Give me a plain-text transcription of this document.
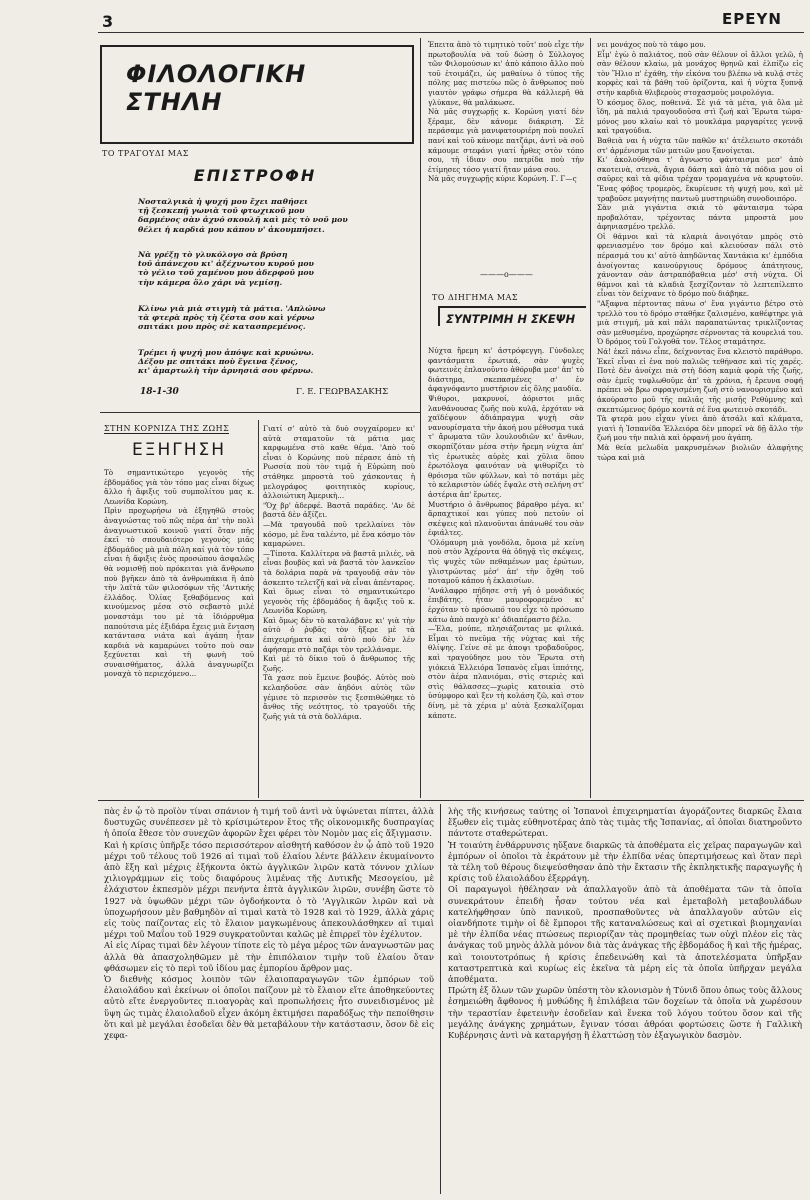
3	ΕΡΕΥΝ
ΦΙΛΟΛΟΓΙΚΗ ΣΤΗΛΗ
ΤΟ ΤΡΑΓΟΥΔΙ ΜΑΣ
ΕΠΙΣΤΡΟΦΗ
Νοσταλγικὰ ἡ ψυχή μου ἔχει παθήσει
τῇ ξεσκεπῇ γωνιὰ τοῦ φτωχικοῦ μου
δαρμένος σὰν ἀχνό σκουλῆ καὶ μὲς τὸ νοῦ μου
θέλει ἡ καρδιά μου κάπου ν' ἀκουμπήσει.
Νὰ γρέξῃ τὸ γλυκόλογο σὰ βρύση
tοῦ ἀπάνεχου κι' ἀξέχνωτου κυροῦ μου
τὸ γέλιο τοῦ χαμένου μου ἀδερφοῦ μου
τὴν κάμερα ὅλο χάρι νὰ γεμίσῃ.
Κλίνω γιὰ μιὰ στιγμὴ τὰ μάτια. 'Απλώνω
τὰ φτερὰ πρὸς τὴ ζέστα σου καὶ γέρνω
σπιτάκι μου πρὸς σὲ κατασπρεμένος.
Τρέμει ἡ ψυχή μου ἀπόψε καὶ κρυώνω.
Δέξου με σπιτάκι ποὺ ἔγεινα ξένος,
κι' ἁμαρτωλὴ τὴν ἀρνησιά σου φέρνω.
18-1-30	Γ. Ε. ΓΕΩΡΒΑΣΑΚΗΣ
Ἐπειτα ἀπὸ τὸ τιμητικὸ τοῦτ' ποὺ εἶχε τὴν πρωτοβουλία νὰ τοῦ δώσῃ ὁ Σύλλογος τῶν Φιλομούσων κι' ἀπὸ κάποιο ἄλλο ποὺ τοῦ ἑτοιμάζει, ὡς μαθαίνω ὁ τύπος τῆς πόλης μας πιστεύω πῶς ὁ ἄνθρωπος ποὺ γιαυτὸν γράφω σήμερα θὰ κάλλιερῆ θὰ γλύκανε, θὰ μαλάκωσε.
Νὰ μᾶς συγχωρῇς κ. Κορώνη γιατί δὲν ξέραμε, δὲν κάνομε διάκριση. Σὲ περάσαμε γιὰ μανιφατουριέρη ποὺ πουλεῖ πανί καὶ τοῦ κάνομε πατζάρι, ἀντὶ νὰ σοῦ κάμουμε στεφάνι γιατί ἦρθες στὸν τόπο σου, τὴ ἰδιαν σου πατρίδα ποὺ τὴν ἐτίμησες τόσο γιατί ἤταν μάνα σου.
Νὰ μᾶς συγχωρῇς κύριε Κορώνη. Γ. Γ—ς
———o———
ΤΟ ΔΙΗΓΗΜΑ ΜΑΣ
ΣΥΝΤΡΙΜΗ Η ΣΚΕΨΗ
Νύχτα ἤρεμη κι' ἀστρόφεγγη. Γύνδολες φαντάσματα ἐρωτικά, σὰν ψυχὲς φωτεινὲς ἐπλανοῦντο ἀθόρυβα μεσ' ἀπ' τὸ διάστημα, σκεπασμένες σ' ἐν ἀφαγνόφαντο μυστήριον εἰς ὅλης μαυδία.
Ψιθυροι, μακρυνοί, ἀόριστοι μιᾶς λανθάνουσας ζωῆς ποὺ κυλᾷ, ἐρχόταν νὰ χαϊδέψουν ἀδιάπραγμα ψυχὴ σὰν νανουρίσματα τὴν ἀκοή μου μέθυσμα τικά τ' ἄρωματα τῶν λουλουδιῶν κι' ἄνθων, σκορπίζόταν μέσα στὴν ἤρεμη νύχτα ἀπ' τὶς ἐρωτικὲς αὐρὲς καὶ χῦλια ὅπου ἐρωτόλογα φαινόταν νὰ ψιθυρίζει τὸ θρόισμα τῶν φύλλων, καὶ τὸ ποτάμι μὲς τὸ κελαριστὸν ὠδές ἔψαλε στὴ σελήνη στ' ἀστέρια ἀπ' ἔρωτες.
Μυστήριο ὁ ἄνθρωπος βάραθρο μέγα. κι' ἄρπαχτικοί και γύπες ποὺ πετοῦν οἱ σκέψεις καὶ πλανοῦνται ἀπάνωθέ του σὰν ἐφιάλτες.
'Ολόμαυρη μιὰ γονδόλα, ὅμοια μὲ κείνη ποὺ στὸν Ἀχέροντα θὰ ὁδηγᾷ τὶς σκέψεις, τὶς ψυχὲς τῶν πεθαμένων μας ἐρώτων, γλιστρώντας μέσ' ἀπ' τὴν ὄχθη τοῦ ποταμοῦ κάπου ἡ ἐκλαισίων.
'Ανάλαφρο πήδησε στὴ γῆ ὁ μονάδικός ἐπιβάτης. ἦταν μαυροφορεμένο κι' ἐρχόταν τὸ πρόσωπό του εἶχε τὸ πρόσωπο κάτω ἀπὸ πανχὸ κι' ἀδιαπέραστο βέλο.
—Ἐλα, μούπε, πλησιάζοντας με φιλικά. Εἶμαι τὸ πνεῦμα τῆς νύχτας καὶ τῆς θλίψης. Γείνε σὲ με ἀποψι τροβαδοῦρος, καὶ τραγούδησε μου τὸν Ἔρωτα στὴ γιόκειά Ἑλλειόρα Ἰσπανὸς εἴμαι ἱππότης, στὸν ἀέρα πλανιόμαι, στὶς στεριὲς καὶ στὶς θάλασσες—χωρὶς κατοικία στὸ ὑσύμφορο καὶ ξεν τὴ κολάση ζῶ, καὶ στον δίνη, μὲ τὰ χέρια μ' αὐτὰ ξεσκαλίζομαι κάποτε.
νει μονάχος ποὺ τὸ τάφο μου.
Εἶμ' ἐγὼ ὁ παλιάτος, ποῦ σὰν θέλουν οἱ ἄλλοι γελῶ, ἡ σὰν θέλουν κλαίω, μὰ μονάχος θρηνῶ καὶ ἐλπίζω εἰς τὸν Ἥλιο π' ἐχάθη, τὴν εἰκόνα του βλέπω νὰ κυλᾷ στὲς κορφὲς καὶ τὰ βάθη τοῦ ὀρίζοντα, καὶ ἡ νύχτα ξυπνᾷ στὴν καρδιὰ θλιβεροὺς στοχασμοὺς μοιρολόγια.
Ὁ κόσμος ὅλος, ποθεινά. Σὲ γιά τὰ μέτα, γιὰ ὅλα μὲ ἴδη, μὰ παλιά τραγουδοῦσα στὶ ζωή καὶ Ἔρωτα τώρα· μόνος μου κλαίω καὶ τὸ μουκλάμα μαργαρίτες γεννᾷ καὶ τραγούδια.
Βαθειὰ ναι ἡ νύχτα τῶν παθῶν κι' ἀτέλειωτο σκοτάδι στ' ἀρμένισμα τῶν ματιῶν μου ξανοίγεται.
Κι' ἀκολούθησα τ' ἄγνωστο φάνταισμα μεσ' ἀπὸ σκοτεινὰ, στενὰ, ἄγρια δάση καὶ ἀπὸ τὰ πόδια μου οἱ σαῦρες καὶ τὰ φίδια τρέχαν τρομαγμένα νὰ κρυφτοῦν. Ἔνας φόβος τρομερὸς, ἔκυρίευσε τὴ ψυχή μου, καὶ μὲ τραβοῦσε μαγνήτης παντωῦ μυστηριώδη συνοδοιπόρο.
Σὰν μιὰ γιγάντια σκιὰ τὸ φάνταισμα τώρα προβαλόταν, τρέχοντας πάντα μπροστὰ μου ἀφηνιασμένο τρελλό.
Οἱ θάμνοι καὶ τὰ κλαριὰ ἀνοιγόταν μπρὸς στὸ φρενιασμένο τον δρόμο καὶ κλειούσαν πάλι στὸ πέρασμά του κι' αὐτὸ ἀπηδῶντας Χαντάκια κι' ἐμπόδια ἀνοίγοντας καινούργιους δρόμους ἀπάτητους, χάνονταν σὰν ἀστραπόβαθεια μέσ' στὴ νύχτα. Οἱ θάμνοι καὶ τὰ κλαδιὰ ξεσχίζονταν τὸ λεπτεπίλεπτο εἶναι τὸν δείχνανε τὸ δρόμο ποὺ διάβηκε.
"Αξαφνα πέρτοντας πάνω σ' ἕνα γιγάντιο βέτρο στὸ τρελλὸ του τὸ δρόμο σταθῆκε ζαλισμένο, καθέφτηρε γιὰ μιὰ στιγμή, μὰ καὶ πάλι παραπατώντας τρικλίζοντας σὰν μεθυσμένο, προχώρησε σέρνοντας τὰ κουρελιά του. Ὁ δρόμος τοῦ Γολγοθᾶ τον. Τέλος σταμάτησε.
Νά! ἐκεῖ πάνω εἶπε, δείχνοντας ἕνα κλειστὸ παράθυρο. Ἐκεῖ εἶναι εἰ ἐνα ποὺ παλιῶς τεθήνασε καὶ τίς χαρές. Ποτὲ δὲν ἀνοίχει πιὰ στὴ δόση καμιὰ φορὰ τῆς ζωῆς, σὰν ἐμεῖς τυφλωθοῦμε ἀπ' τὰ χρόνια, ἡ ἔρευνα σοφή πρέπει νὰ βρω σφραγισμένη ζωὴ στὸ νανουρισμένο καὶ ἀκούραστο μοῦ τῆς παλιᾶς τῆς μισῆς Ρεθύμνης καὶ σκεπτώμενος δρόμο κοντὰ σέ ἕνα φωτεινὸ σκοτάδι.
Τὰ φτερὰ μου εἶχαν γίνει ἀπὸ ἀτσάλι καὶ κλάματα, γιατὶ ἡ Ἰσπανίδα Ἑλλειόρα δὲν μπορεῖ νὰ δῇ ἄλλο τὴν ζωή μου τὴν παλιὰ καὶ ὀρφανή μου ἀγάπη.
Μὰ θεία μελωδία μακρυσμένων βιολιῶν ἀλαφήτης τώρα καὶ μιὰ
ΣΤΗΝ ΚΟΡΝΙΖΑ ΤΗΣ ΖΩΗΣ
ΕΞΗΓΗΣΗ
Τὸ σημαντικώτερο γεγονὸς τῆς ἑβδομάδος γιὰ τὸν τόπο μας εἶναι δίχως ἄλλο ἡ ἄφιξις τοῦ συμπολίτου μας κ. Λεωνίδα Κορώνη.
Πρὶν προχωρήσω νὰ ἐξηγηθῶ στοὺς ἀναγνώστας τοῦ πῶς πέρα ἀπ' τὴν πολὶ ἀναγνωστικοῦ κοινοῦ γιατί ὅταν πῆς ἐκεῖ τὸ σπουδαιότερο γεγονὸς μιᾶς ἑβδομάδος μὰ μιὰ πόλη καί γιὰ τὸν τόπο εἶναι ἡ ἄφιξις ἑνὸς προσώπου ἀσφαλῶς θὰ νομισθῇ ποὺ πρόκειται γιὰ ἄνθρωπο ποὺ βγῆκεν ἀπὸ τὰ ἀνθρωπάκια ἢ ἀπὸ τὴν λαϊτὰ τῶν φιλοσόφων τῆς 'Αντικής ἐλλάδος. Ὁλίας ξεθαβόμενος καὶ κινούμενος μέσα στὸ σεβαστὸ μιλέ μοναστάμι του μὲ τὰ ἰδιόρρυθμα παπούτσια μὲς ἐξιδάρα ἔχεις μιὰ ἔνταση κατάντασα νιάτα καὶ ἀγάπη ἦταν καρδιὰ νὰ καμαρώνει τοῦτο ποὺ σαν ξεχύνεται καὶ τὴ φωνὴ τοῦ συναισθήματος, ἀλλὰ ἀναγνωρίζει μοναχὰ τὸ περιεχόμενο...
Γιατί σ' αὐτὸ τὰ δυὸ συγχαίρομεν κι' αὐτὰ σταματοῦν τὰ μάτια μας καρφωμένα στὸ καθε θέμα. 'Απὸ τοῦ εἶναι ὁ Κορώνης ποὺ πέρασε ἀπὸ τὴ Ρωσσία ποὺ τὸν τιμᾷ ἡ Εὐρώπη ποὺ στάθηκε μπροστὰ τοῦ χάσκοντας ἡ μελογράφος φοιτητικὸς κυρίους, ἀλλοιώτικη Ἀμερικὴ...
"Ὀχ βρ' ἀδερφέ. Βαστᾶ παράδες. 'Αν δὲ βαστᾶ δὲν ἀξίζει.
—Μὰ τραγουδᾶ ποῦ τρελλαίνει τὸν κόσμο, μὲ ἕνα ταλέντο, μὲ ἕνα κόσμο τὸν καμαρώνει.
—Τίποτα. Καλλίτερα νὰ βαστᾶ μιλιές, νὰ εἶναι βουβὸς καὶ νὰ βαστᾶ τὸν λανκεῖον τὰ δολάρια παρὰ νὰ τραγουδᾷ σὰν τὸν ἀσκεπτο τελετζῆ καὶ νὰ εἶναι ἀπένταρος.
Καὶ ὅμως εἶναι τὸ σημαντικώτερο γεγονὸς τῆς ἑβδομάδος ἡ ἄφιξις τοῦ κ. Λεωνίδα Κορώνη.
Καὶ ὅμως δὲν τὸ καταλάβανε κι' γιὰ τὴν αὐτὸ ὁ ῥυβᾶς τὸν ἤξερε μὲ τὰ ἐπιχειρήματα καὶ αὐτὸ ποὺ δὲν λέν ἀφήσαμε στὸ παζάρι τὸν τρελλάναμε.
Καὶ μὲ τὸ δίκιο τοῦ ὁ ἄνθρωπος τῆς ζωῆς.
Τὰ χασε ποὺ ἔμεινε βουβός. Αὐτὸς ποὺ κελαηδοῦσε σὰν ἀηδόνι αὐτὸς τῶν γέμισε τὸ περισσὸν τις ξεσπιθώθηκε τὸ ἄνθος τῆς νεότητος, τὸ τραγούδι τῆς ζωῆς γιὰ τὰ στὰ δολλάρια.
πὰς ἐν ᾧ τὸ προϊὸν τίναι σπάνιον ἡ τιμή τοῦ ἀντὶ νὰ ὑψώνεται πίπτει, ἀλλὰ δυστυχῶς συνέπεσεν μὲ τὸ κρίσιμώτερον ἔτος τῆς οἰκονομικῆς δυσπραγίας ἡ ὁποία ἔθεσε τὸν συνεχῶν ἀφορῶν ἔχει φέρει τὸν Νομὸν μας εἰς ἄξιγμασιν.
Καὶ ἡ κρίσις ὑπῆρξε τόσο περισσότερον αἰσθητή καθόσον ἐν ᾧ ἀπὸ τοῦ 1920 μέχρι τοῦ τέλους τοῦ 1926 αἱ τιμαὶ τοῦ ἐλαίου λέντε βάλλειν ἐκυμαίνοντο ἀπὸ ἔξη καὶ μέχρις ἑξήκοντα ὀκτὼ ἀγγλικῶν λιρῶν κατὰ τόννον χιλίων χιλιογράμμων εἰς τοὺς διαφόρους λιμένας τῆς Δυτικῆς Μεσογείου, μὲ ἐλάχιστον ἐκπεσμὸν μέχρι πενήντα ἑπτὰ ἀγγλικῶν λιρῶν, συνέβη ὥστε τὸ 1927 νὰ ὑψωθῶν μέχρι τῶν ὀγδοήκοντα ὁ τὸ 'Αγγλικῶν λιρῶν καὶ νὰ ὑποχωρήσουν μὲν βαθμηδὸν αἱ τιμαὶ κατὰ τὸ 1928 καὶ τὸ 1929, ἀλλὰ χάρις εἰς τοὺς παίζοντας εἰς τὸ ἔλαιον μαγκωμένους ἀπεκουλάσθηκεν αἱ τιμαὶ μέχρι τοῦ Μαΐου τοῦ 1929 συγκρατοῦνται καλῶς μὲ ἐπιρρεῖ τὸν ἐχέλυτον.
Αἱ εἰς Λίρας τιμαὶ δὲν λέγουν τίποτε εἰς τὸ μέγα μέρος τῶν ἀναγνωστῶν μας ἀλλὰ θὰ ἀπασχοληθῶμεν μὲ τὴν ἐπιπόλαιον τιμὴν τοῦ ἐλαίου ὅταν φθάσωμεν εἰς τὸ περὶ τοῦ ἰδίου μας ἐμπορίου ἄρθρον μας.
Ὁ διεθνὴς κόσμος λοιπὸν τῶν ἐλαιοπαραγωγῶν τῶν ἐμπόρων τοῦ ἐλαιολάδου καὶ ἐκείνων οἱ ὁποῖοι παίζουν μὲ τὸ ἔλαιον εἴτε ἀποθηκεύοντες αὐτὸ εἴτε ἐνεργοῦντες π.ιοαγορὰς καὶ προπωλήσεις ἦτο συνειδισμένος μὲ ὕψη ὡς τιμὰς ἐλαιολαδοῦ εἶχεν ἀκόμη ἐκτιμήσει παραδόξως τὴν πεποίθησιν ὅτι καὶ μὲ μεγάλαι ἐσοδεῖαι δὲν θὰ μεταβάλουν τὴν κατάστασιν, ὅσον δὲ εἰς χεφα-
λὴς τῆς κινήσεως ταύτης οἱ Ἰσπανοὶ ἐπιχειρηματίαι ἀγοράζοντες διαρκῶς ἔλαια ἔξωθεν εἰς τιμὰς εὐθηνοτέρας ἀπὸ τὰς τιμὰς τῆς Ἰσπανίας, αἱ ὁποῖαι διατηροῦντο πάντοτε σταθερώτεραι.
Ἡ τοιαύτη ἐνθάρρυνσις ηὔξανε διαρκῶς τὰ ἀποθέματα εἰς χεῖρας παραγωγῶν καὶ ἐμπόρων οἱ ὁποῖοι τὰ ἐκράτουν μὲ τὴν ἐλπίδα νέας ὑπερτιμήσεως καὶ ὅταν περὶ τὰ τέλη τοῦ θέρους διεψεύσθησαν ἀπὸ τὴν ἔκτασιν τῆς ἐκπληκτικῆς παραγωγῆς ἡ κρίσις τοῦ ἐλαιολάδου ἐξερράγη.
Οἱ παραγωγοὶ ἠθέλησαν νὰ ἀπαλλαγοῦν ἀπὸ τὰ ἀποθέματα τῶν τὰ ὁποῖα συνεκράτουν ἐπειδὴ ἦσαν τούτου νέα καὶ ἐμεταβολὴ μεταβουλάδων κατελήφθησαν ὑπὸ πανικοῦ, προσπαθοῦντες νὰ ἀπαλλαγοῦν αὐτῶν εἰς οἱανδήποτε τιμὴν οἱ δὲ ἔμποροι τῆς καταναλώσεως καὶ αἱ σχετικαὶ βιομηχανίαι μὲ τὴν ἐλπίδα νέας πτώσεως περιορίζαν τὰς προμηθείας των οὐχὶ πλέον εἰς τὰς ἀνάγκας τοῦ μηνὸς ἀλλὰ μόνον διὰ τὰς ἀνάγκας τῆς ἑβδομάδος ἢ καὶ τῆς ἡμέρας, καὶ τοιουτοτρόπως ἡ κρίσις ἐπεδεινώθη καὶ τὰ ἀποτελέσματα ὑπῆρξαν καταστρεπτικὰ καὶ κυρίως εἰς ἐκεῖνα τὰ μέρη εἰς τὰ ὁποῖα ὑπῆρχαν μεγάλα ἀποθέματα.
Πρώτη ἐξ ὅλων τῶν χωρῶν ὑπέστη τὸν κλονισμὸν ἡ Τύνιδ ὅπου ὁπως τοὺς ἄλλους ἐσημειώθη ἄφθονος ἡ μυθώδης ἢ ἐπιλάβεια τῶν δοχείων τὰ ὁποῖα νὰ χωρέσουν τὴν τεραστίαν ἐφετεινὴν ἐσοδεῖαν καὶ ἕνεκα τοῦ λόγου τούτου ὅσον καὶ τῆς μεγάλης ἀνάγκης χρημάτων, ἔγιναν τόσαι ἀθρόαι φορτώσεις ὥστε ἡ Γαλλικὴ Κυβέρνησις ἀντὶ νὰ καταργήσῃ ἢ ἐλαττώσῃ τὸν ἐξαγωγικὸν δασμὸν.
